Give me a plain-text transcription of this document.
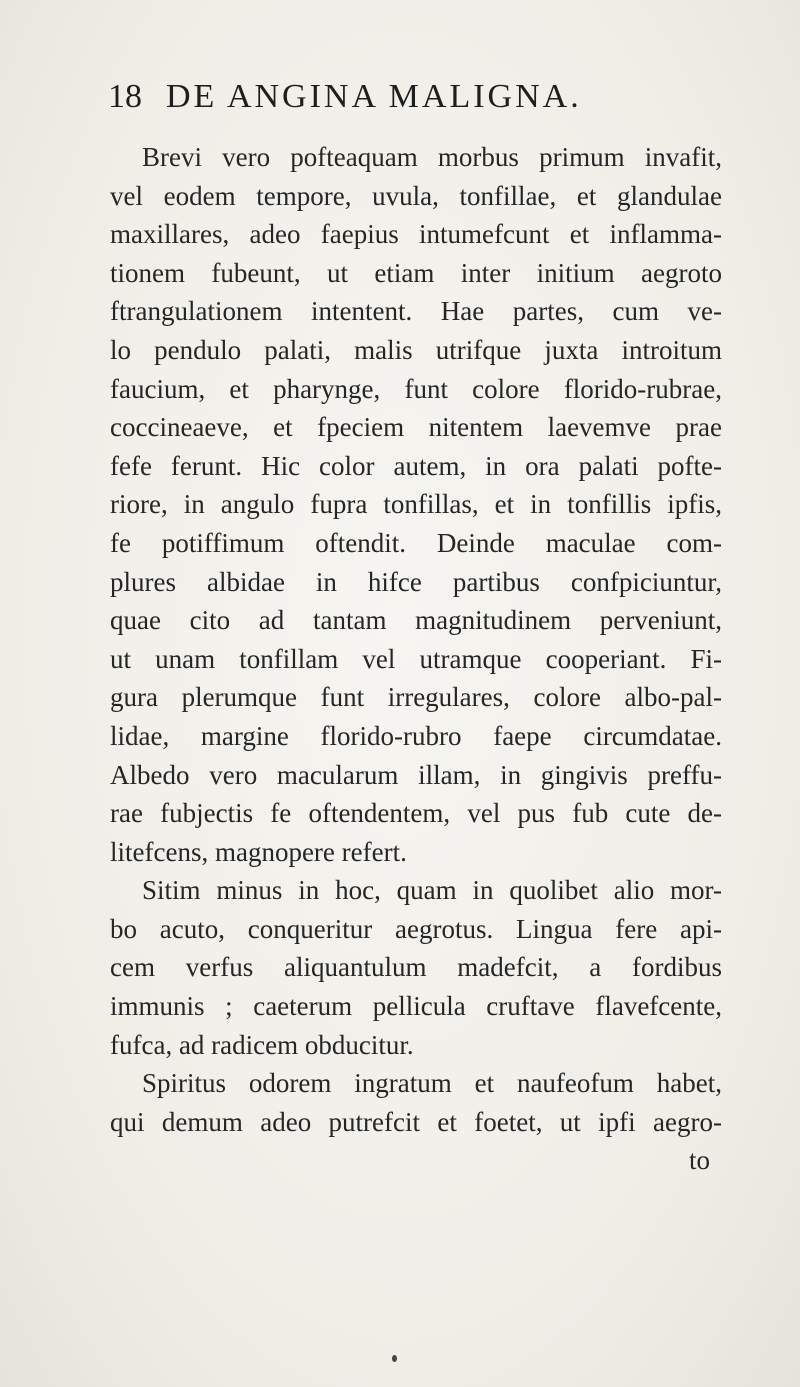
18 DE ANGINA MALIGNA.
Brevi vero pofteaquam morbus primum invafit,
vel eodem tempore, uvula, tonfillae, et glandulae
maxillares, adeo faepius intumefcunt et inflamma-
tionem fubeunt, ut etiam inter initium aegroto
ftrangulationem intentent. Hae partes, cum ve-
lo pendulo palati, malis utrifque juxta introitum
faucium, et pharynge, funt colore florido-rubrae,
coccineaeve, et fpeciem nitentem laevemve prae
fefe ferunt. Hic color autem, in ora palati pofte-
riore, in angulo fupra tonfillas, et in tonfillis ipfis,
fe potiffimum oftendit. Deinde maculae com-
plures albidae in hifce partibus confpiciuntur,
quae cito ad tantam magnitudinem perveniunt,
ut unam tonfillam vel utramque cooperiant. Fi-
gura plerumque funt irregulares, colore albo-pal-
lidae, margine florido-rubro faepe circumdatae.
Albedo vero macularum illam, in gingivis preffu-
rae fubjectis fe oftendentem, vel pus fub cute de-
litefcens, magnopere refert.
Sitim minus in hoc, quam in quolibet alio mor-
bo acuto, conqueritur aegrotus. Lingua fere api-
cem verfus aliquantulum madefcit, a fordibus
immunis ; caeterum pellicula cruftave flavefcente,
fufca, ad radicem obducitur.
Spiritus odorem ingratum et naufeofum habet,
qui demum adeo putrefcit et foetet, ut ipfi aegro-
to
